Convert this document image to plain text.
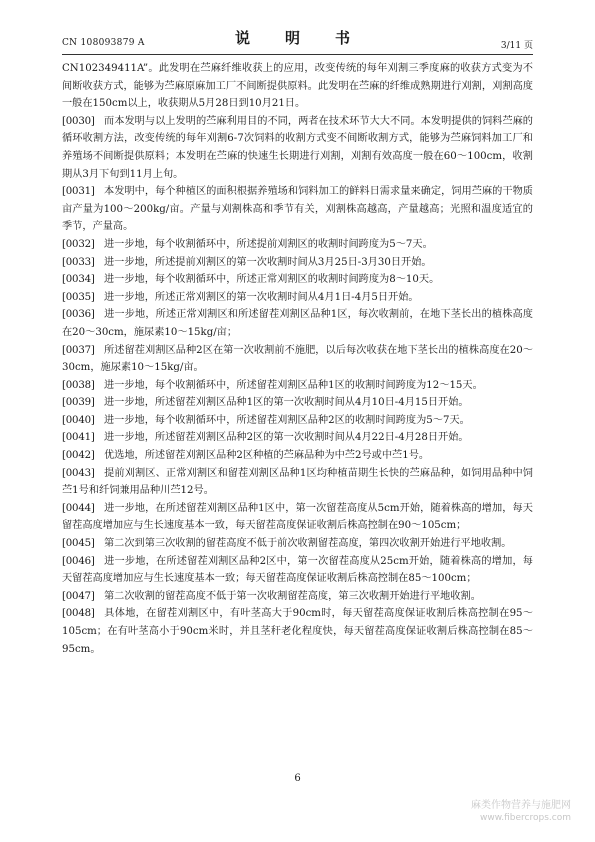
CN 108093879 A	说　明　书	3/11 页

CN102349411A”。此发明在苎麻纤维收获上的应用，改变传统的每年刈割三季度麻的收获方式变为不间断收获方式，能够为苎麻原麻加工厂不间断提供原料。此发明在苎麻的纤维成熟期进行刈割，刈割高度一般在150cm以上，收获期从5月28日到10月21日。

[0030] 而本发明与以上发明的苎麻利用目的不同，两者在技术环节大大不同。本发明提供的饲料苎麻的循环收割方法，改变传统的每年刈割6-7次饲料的收割方式变不间断收割方式，能够为苎麻饲料加工厂和养殖场不间断提供原料；本发明在苎麻的快速生长期进行刈割，刈割有效高度一般在60～100cm，收割期从3月下旬到11月上旬。

[0031] 本发明中，每个种植区的面积根据养殖场和饲料加工的鲜料日需求量来确定，饲用苎麻的干物质亩产量为100～200kg/亩。产量与刈割株高和季节有关，刈割株高越高，产量越高；光照和温度适宜的季节，产量高。

[0032] 进一步地，每个收割循环中，所述提前刈割区的收割时间跨度为5～7天。

[0033] 进一步地，所述提前刈割区的第一次收割时间从3月25日-3月30日开始。

[0034] 进一步地，每个收割循环中，所述正常刈割区的收割时间跨度为8～10天。

[0035] 进一步地，所述正常刈割区的第一次收割时间从4月1日-4月5日开始。

[0036] 进一步地，所述正常刈割区和所述留茬刈割区品种1区，每次收割前，在地下茎长出的植株高度在20～30cm，施尿素10～15kg/亩；

[0037] 所述留茬刈割区品种2区在第一次收割前不施肥，以后每次收获在地下茎长出的植株高度在20～30cm，施尿素10～15kg/亩。

[0038] 进一步地，每个收割循环中，所述留茬刈割区品种1区的收割时间跨度为12～15天。

[0039] 进一步地，所述留茬刈割区品种1区的第一次收割时间从4月10日-4月15日开始。

[0040] 进一步地，每个收割循环中，所述留茬刈割区品种2区的收割时间跨度为5～7天。

[0041] 进一步地，所述留茬刈割区品种2区的第一次收割时间从4月22日-4月28日开始。

[0042] 优选地，所述留茬刈割区品种2区种植的苎麻品种为中苎2号或中苎1号。

[0043] 提前刈割区、正常刈割区和留茬刈割区品种1区均种植苗期生长快的苎麻品种，如饲用品种中饲苎1号和纤饲兼用品种川苎12号。

[0044] 进一步地，在所述留茬刈割区品种1区中，第一次留茬高度从5cm开始，随着株高的增加，每天留茬高度增加应与生长速度基本一致，每天留茬高度保证收割后株高控制在90～105cm；

[0045] 第二次到第三次收割的留茬高度不低于前次收割留茬高度，第四次收割开始进行平地收割。

[0046] 进一步地，在所述留茬刈割区品种2区中，第一次留茬高度从25cm开始，随着株高的增加，每天留茬高度增加应与生长速度基本一致；每天留茬高度保证收割后株高控制在85～100cm；

[0047] 第二次收割的留茬高度不低于第一次收割留茬高度，第三次收割开始进行平地收割。

[0048] 具体地，在留茬刈割区中，有叶茎高大于90cm时，每天留茬高度保证收割后株高控制在95～105cm；在有叶茎高小于90cm米时，并且茎秆老化程度快，每天留茬高度保证收割后株高控制在85～95cm。

6
麻类作物营养与施肥网
www.fibercrops.com
